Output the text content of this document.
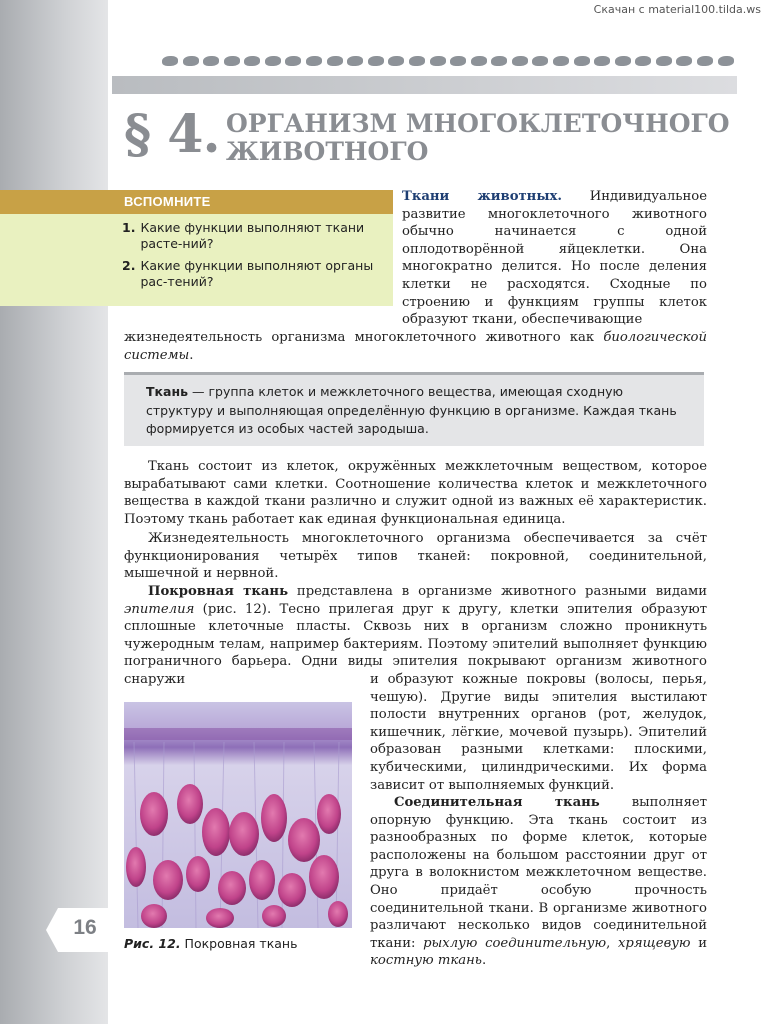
Скачан с material100.tilda.ws
§ 4. ОРГАНИЗМ МНОГОКЛЕТОЧНОГО
ЖИВОТНОГО
ВСПОМНИТЕ
1. Какие функции выполняют ткани расте-ний?
2. Какие функции выполняют органы рас-тений?
Ткани животных. Индивидуальное развитие многоклеточного животного обычно начинается с одной оплодотворённой яйцеклетки. Она многократно делится. Но после деления клетки не расходятся. Сходные по строению и функциям группы клеток образуют ткани, обеспечивающие
жизнедеятельность организма многоклеточного животного как биологической системы.
Ткань — группа клеток и межклеточного вещества, имеющая сходную структуру и выполняющая определённую функцию в организме. Каждая ткань формируется из особых частей зародыша.
Ткань состоит из клеток, окружённых межклеточным веществом, которое вырабатывают сами клетки. Соотношение количества клеток и межклеточного вещества в каждой ткани различно и служит одной из важных её характеристик. Поэтому ткань работает как единая функциональная единица.
Жизнедеятельность многоклеточного организма обеспечивается за счёт функционирования четырёх типов тканей: покровной, соединительной, мышечной и нервной.
Покровная ткань представлена в организме животного разными видами эпителия (рис. 12). Тесно прилегая друг к другу, клетки эпителия образуют сплошные клеточные пласты. Сквозь них в организм сложно проникнуть чужеродным телам, например бактериям. Поэтому эпителий выполняет функцию пограничного барьера. Одни виды эпителия покрывают организм животного снаружи	и образуют кожные покровы (волосы, перья, чешую). Другие виды эпителия выстилают полости внутренних органов (рот, желудок, кишечник, лёгкие, мочевой пузырь). Эпителий образован разными клетками: плоскими, кубическими, цилиндрическими. Их форма зависит от выполняемых функций.
Соединительная ткань выполняет опорную функцию. Эта ткань состоит из разнообразных по форме клеток, которые расположены на большом расстоянии друг от друга в волокнистом межклеточном веществе. Оно придаёт особую прочность соединительной ткани. В организме животного различают несколько видов соединительной ткани: рыхлую соединительную, хрящевую и костную ткань.
Рис. 12. Покровная ткань
16
